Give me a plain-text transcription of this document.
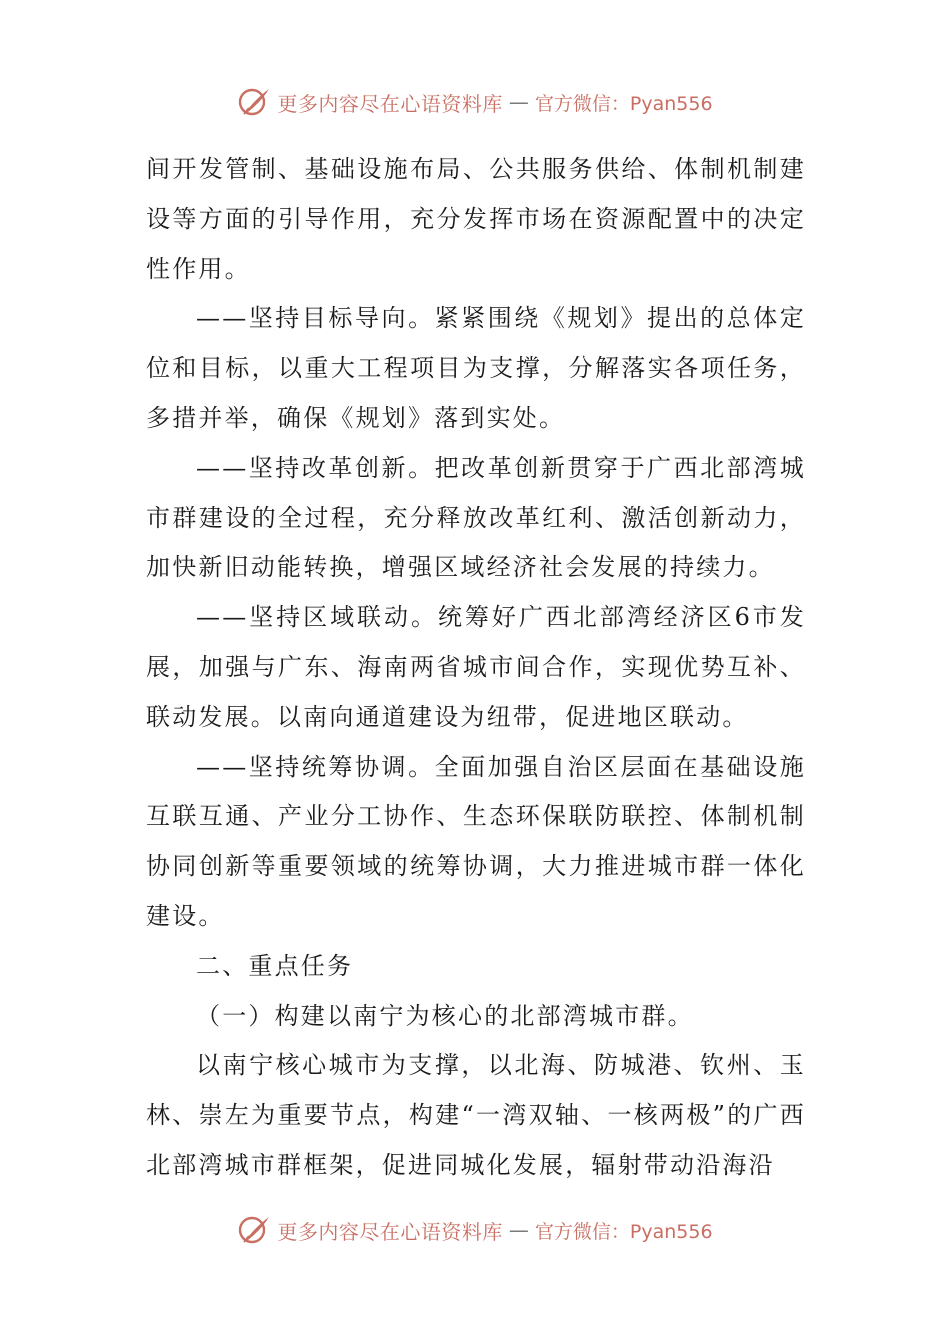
更多内容尽在心语资料库 — 官方微信：Pyan556

间开发管制、基础设施布局、公共服务供给、体制机制建设等方面的引导作用，充分发挥市场在资源配置中的决定性作用。

——坚持目标导向。紧紧围绕《规划》提出的总体定位和目标，以重大工程项目为支撑，分解落实各项任务，多措并举，确保《规划》落到实处。

——坚持改革创新。把改革创新贯穿于广西北部湾城市群建设的全过程，充分释放改革红利、激活创新动力，加快新旧动能转换，增强区域经济社会发展的持续力。

——坚持区域联动。统筹好广西北部湾经济区6市发展，加强与广东、海南两省城市间合作，实现优势互补、联动发展。以南向通道建设为纽带，促进地区联动。

——坚持统筹协调。全面加强自治区层面在基础设施互联互通、产业分工协作、生态环保联防联控、体制机制协同创新等重要领域的统筹协调，大力推进城市群一体化建设。

二、重点任务

（一）构建以南宁为核心的北部湾城市群。

以南宁核心城市为支撑，以北海、防城港、钦州、玉林、崇左为重要节点，构建“一湾双轴、一核两极”的广西北部湾城市群框架，促进同城化发展，辐射带动沿海沿

更多内容尽在心语资料库 — 官方微信：Pyan556
